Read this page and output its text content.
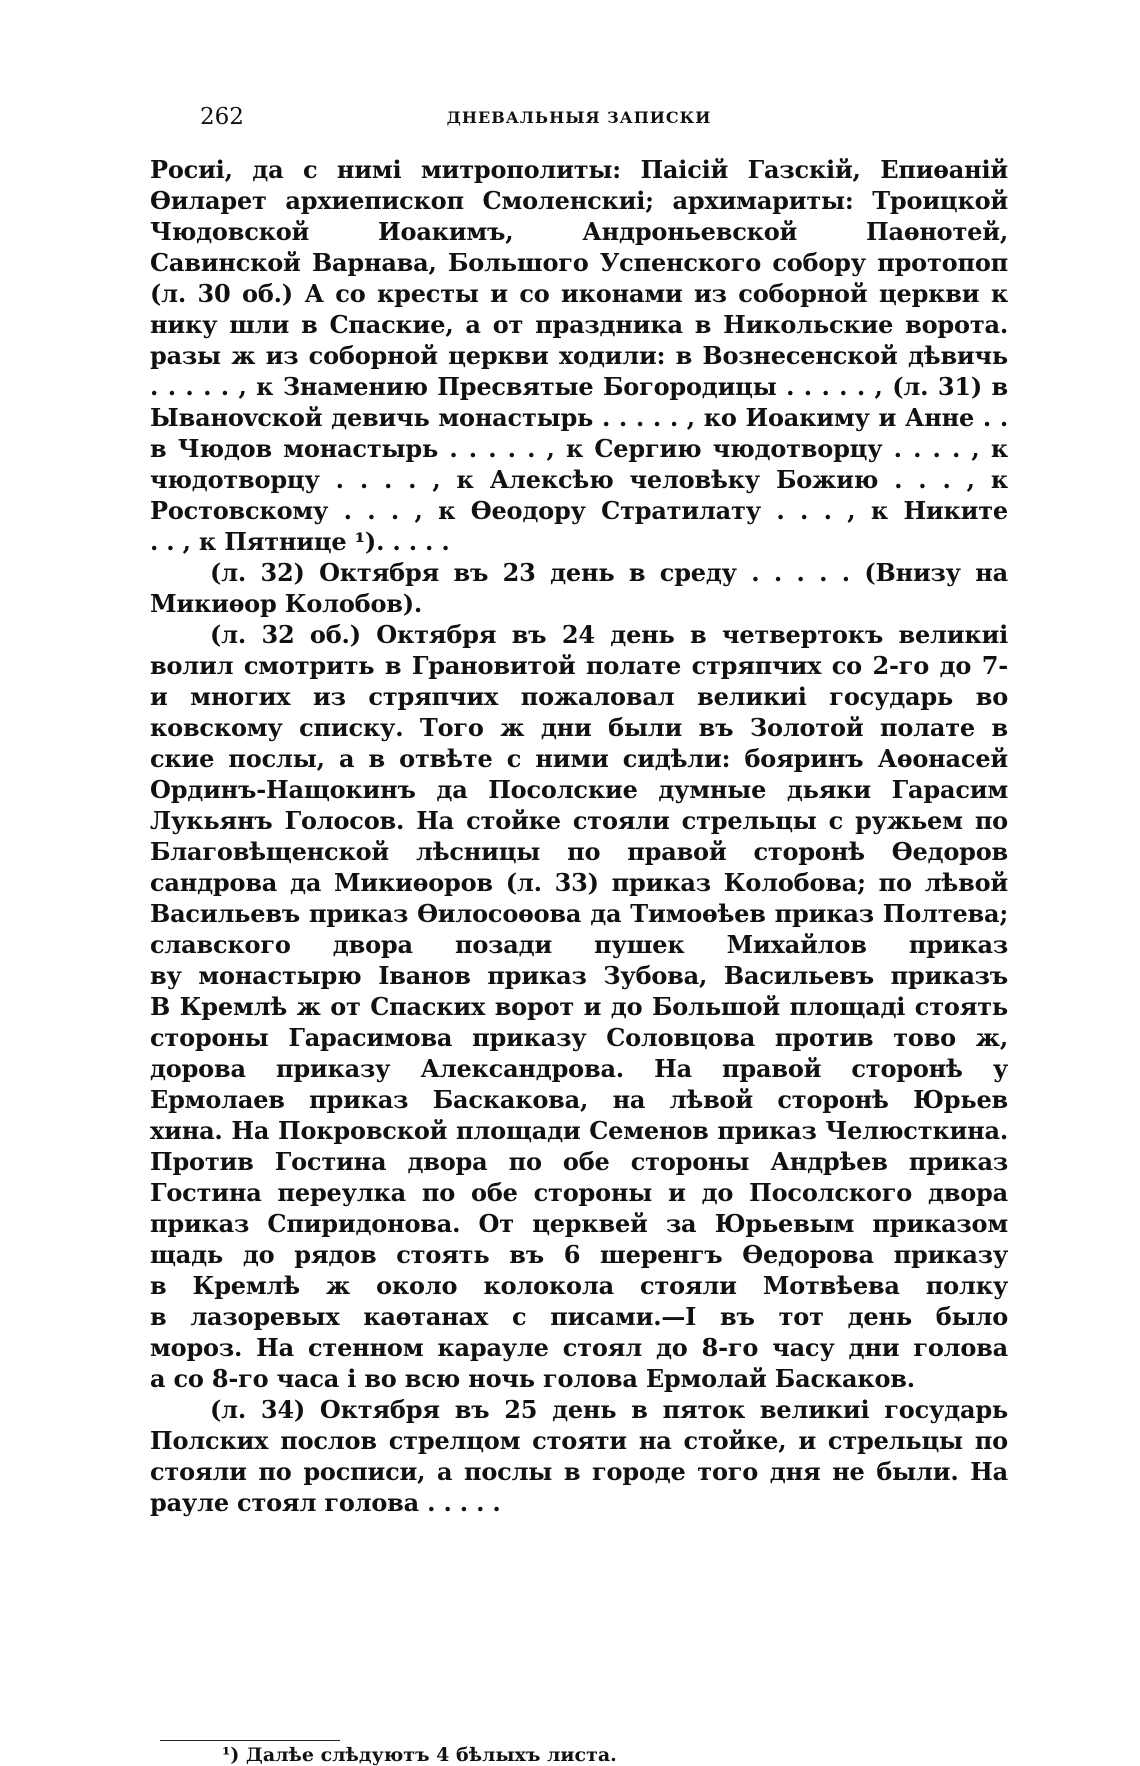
262	ДНЕВАЛЬНЫЯ ЗАПИСКИ
Росиі, да с нимі митрополиты: Паісій Газскій, Епиѳаній
Ѳиларет архиепископ Смоленскиі; архимариты: Троицкой
Чюдовской Иоакимъ, Андроньевской Паѳнотей,
Савинской Варнава, Большого Успенского собору протопоп
(л. 30 об.) А со кресты и со иконами из соборной церкви к
нику шли в Спаские, а от праздника в Никольские ворота.
разы ж из соборной церкви ходили: в Вознесенской дѣвичь
. . . . . , к Знамению Пресвятые Богородицы . . . . . , (л. 31) в
Ываноvской девичь монастырь . . . . . , ко Иоакиму и Анне . .
в Чюдов монастырь . . . . . , к Сергию чюдотворцу . . . . , к
чюдотворцу . . . . , к Алексѣю человѣку Божию . . . , к
Ростовскому . . . , к Ѳеодору Стратилату . . . , к Никите
. . , к Пятнице ¹). . . . .
(л. 32) Октября въ 23 день в среду . . . . . (Внизу на
Микиѳор Колобов).
(л. 32 об.) Октября въ 24 день в четвертокъ великиі
волил смотрить в Грановитой полате стряпчих со 2-го до 7-
и многих из стряпчих пожаловал великиі государь во
ковскому списку. Того ж дни были въ Золотой полате в
ские послы, а в отвѣте с ними сидѣли: бояринъ Аѳонасей
Ординъ-Нащокинъ да Посолские думные дьяки Гарасим
Лукьянъ Голосов. На стойке стояли стрельцы с ружьем по
Благовѣщенской лѣсницы по правой сторонѣ Ѳедоров
сандрова да Микиѳоров (л. 33) приказ Колобова; по лѣвой
Васильевъ приказ Ѳилосоѳова да Тимоѳѣев приказ Полтева;
славского двора позади пушек Михайлов приказ
ву монастырю Іванов приказ Зубова, Васильевъ приказъ
В Кремлѣ ж от Спаских ворот и до Большой площаді стоять
стороны Гарасимова приказу Соловцова против тово ж,
дорова приказу Александрова. На правой сторонѣ у
Ермолаев приказ Баскакова, на лѣвой сторонѣ Юрьев
хина. На Покровской площади Семенов приказ Челюсткина.
Против Гостина двора по обе стороны Андрѣев приказ
Гостина переулка по обе стороны и до Посолского двора
приказ Спиридонова. От церквей за Юрьевым приказом
щадь до рядов стоять въ 6 шеренгъ Ѳедорова приказу
в Кремлѣ ж около колокола стояли Мотвѣева полку
в лазоревых каѳтанах с писами.—І въ тот день было
мороз. На стенном карауле стоял до 8-го часу дни голова
а со 8-го часа і во всю ночь голова Ермолай Баскаков.
(л. 34) Октября въ 25 день в пяток великиі государь
Полских послов стрелцом стояти на стойке, и стрельцы по
стояли по росписи, а послы в городе того дня не были. На
рауле стоял голова . . . . .
¹) Далѣе слѣдуютъ 4 бѣлыхъ листа.
